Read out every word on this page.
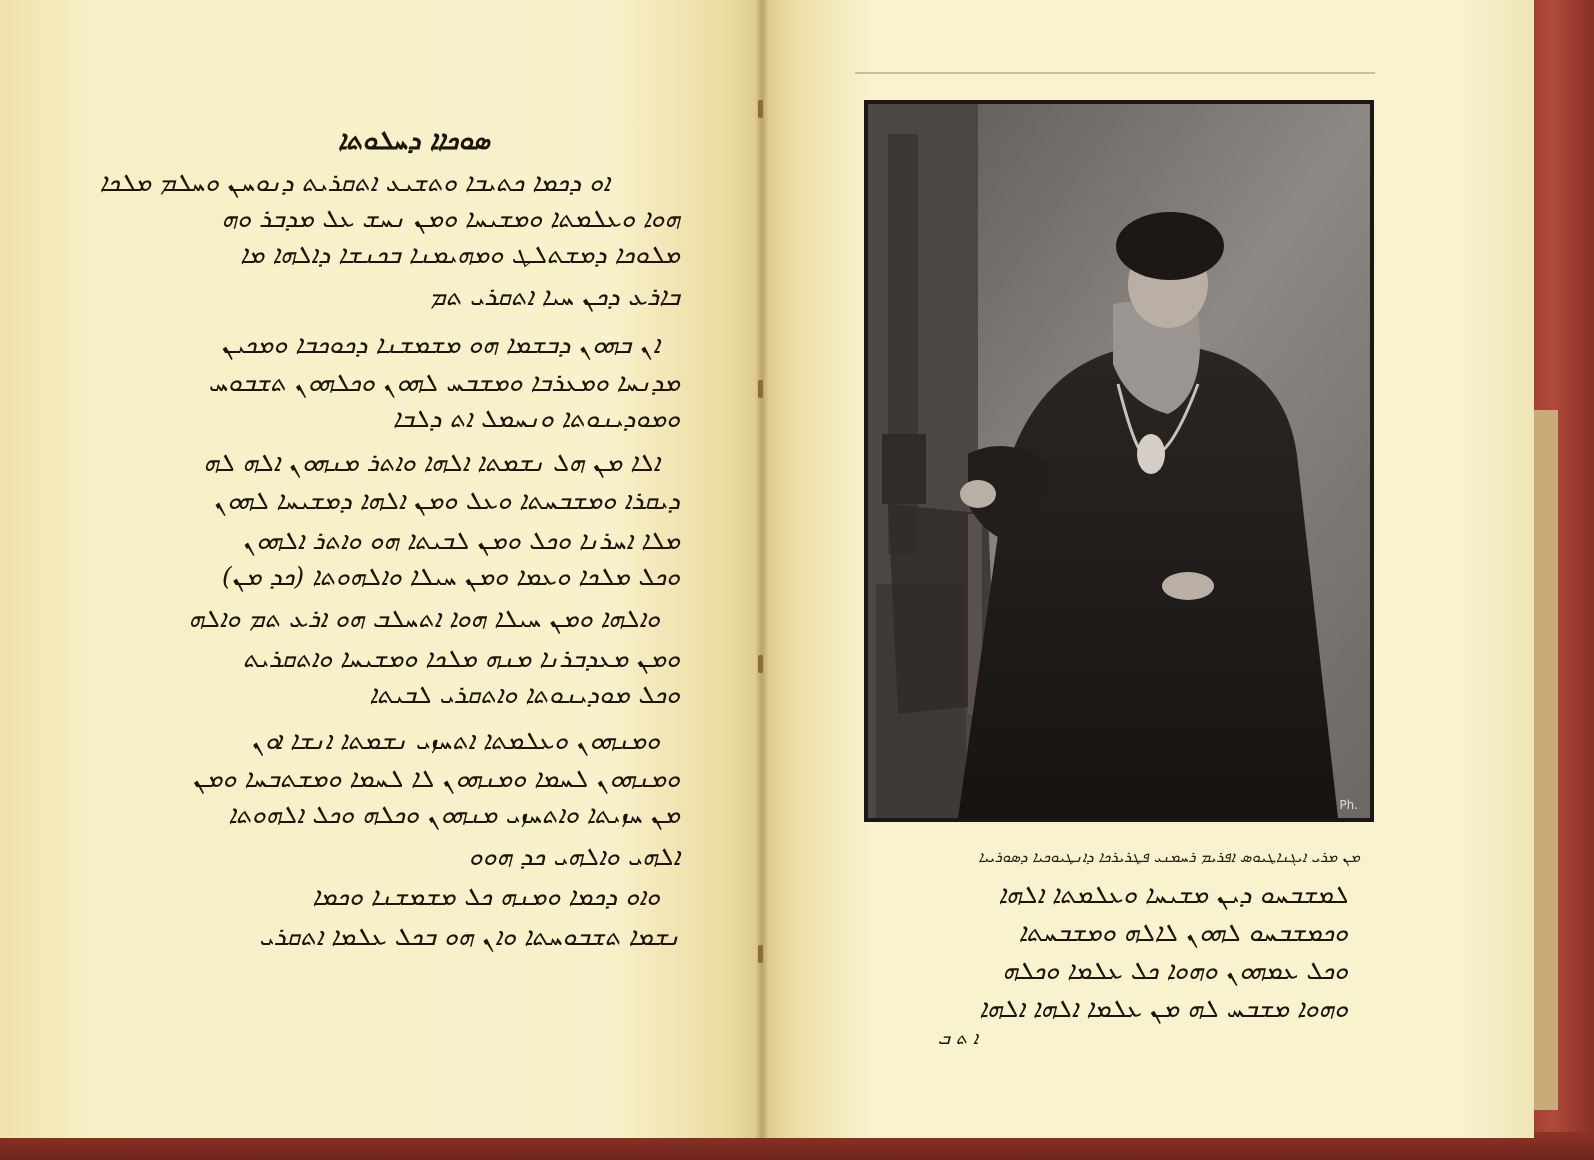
ܣܘܟܐܐ ܕܚܠܘܬܐ
ܐܘ ܕܟܡܐ ܟܬܝܒܐ ܘܬܫܝܥ ܐܬܩܪܝܬ ܕܢܘܚܢ ܘܚܠܡ ܡܠܟܐ
ܗܘܐ ܘܥܠܡܬܐ ܘܡܫܝܚܐ ܘܡܢ ܢܚܫ ܥܠ ܡܕܒܪ ܘܗ
ܡܠܘܟܐ ܕܡܫܬܠܛ ܘܡܗܝܡܢܐ ܒܟܢܫܐ ܕܐܠܗܐ ܡܐ
ܒܐܪܥ ܕܟܢ ܚܝܐ ܐܬܩܪܝ ܬܡ
ܐܢ ܒܗܘܢ ܕܒܫܡܐ ܗܘ ܡܫܡܫܢܐ ܕܟܘܟܒܐ ܘܡܟܝܢ
ܡܕܢܚܐ ܘܡܥܪܒܐ ܘܡܫܒܚ ܠܗܘܢ ܘܟܠܗܘܢ ܬܫܒܘܚ
ܘܡܘܕܝܢܘܬܐ ܘܢܚܡܠ ܐܬ ܕܠܒܐ
ܐܠܐ ܡܢ ܗܠ ܢܫܡܬܐ ܐܠܗܐ ܘܐܬܪ ܡܢܗܘܢ ܐܠܗ ܠܗ
ܕܝܩܪܐ ܘܡܫܒܚܬܐ ܘܥܠ ܘܡܢ ܐܠܗܐ ܕܡܫܝܚܐ ܠܗܘܢ
ܡܠܐ ܐܚܪܢܐ ܘܟܠ ܘܡܢ ܠܒܝܬܐ ܗܘ ܘܐܬܪ ܐܠܗܘܢ
ܘܟܠ ܡܠܟܐ ܘܥܡܐ ܘܡܢ ܚܝܠܐ ܘܐܠܗܘܬܐ (ܟܕ ܡܢ)
ܘܐܠܗܐ ܘܡܢ ܚܝܠܐ ܗܘܐ ܐܬܚܠܒ ܗܘ ܐܪܥ ܬܡ ܘܐܠܗ
ܘܡܢ ܡܥܕܒܪܢܐ ܡܢܗ ܡܠܟܐ ܘܡܫܝܚܐ ܘܐܬܩܪܝܬ
ܘܟܠ ܡܘܕܝܢܘܬܐ ܘܐܬܩܪܝ ܠܒܝܬܐ
ܘܡܢܗܘܢ ܘܥܠܡܬܐ ܐܬܚܙܝ ܢܫܡܬܐ ܐܢܫܐ ܐܘܢ
ܘܡܢܗܘܢ ܠܚܡܐ ܘܡܢܗܘܢ ܠܐ ܠܚܡܐ ܘܡܫܬܒܚܐ ܘܡܢ
ܡܢ ܚܙܝܬܐ ܘܐܬܚܙܝ ܡܢܗܘܢ ܘܟܠܗ ܘܟܠ ܐܠܗܘܬܐ
ܐܠܗܝ ܘܐܠܗܝ ܟܕ ܗܘܘ
ܘܐܘ ܕܟܡܐ ܘܡܢܗ ܟܠ ܡܫܡܫܢܐ ܘܟܡܐ
ܢܫܡܐ ܬܫܒܘܚܬܐ ܘܐܢ ܗܘ ܒܟܠ ܥܠܡܐ ܐܬܩܪܝ
Ph.
ܡܢ ܡܪܝ ܐܝܓܢܐܛܝܘܣ ܐܦܪܝܡ ܪܚܡܢܝ ܦܛܪܝܪܟܐ ܕܐܢܛܝܘܟܝܐ ܕܣܘܪܝܝܐ
ܠܡܫܒܚܘ ܕܝܢ ܡܫܝܚܐ ܘܥܠܡܬܐ ܐܠܗܐ
ܘܟܡܫܒܚܘ ܠܗܘܢ ܠܐܠܗ ܘܡܫܒܚܬܐ
ܘܟܠ ܥܡܗܘܢ ܘܗܘܐ ܟܠ ܥܠܡܐ ܘܟܠܗ
ܘܗܘܐ ܡܫܒܚ ܠܗ ܡܢ ܥܠܡܐ ܐܠܗܐ ܐܠܗܐ
ܐ ܬ ܒ
